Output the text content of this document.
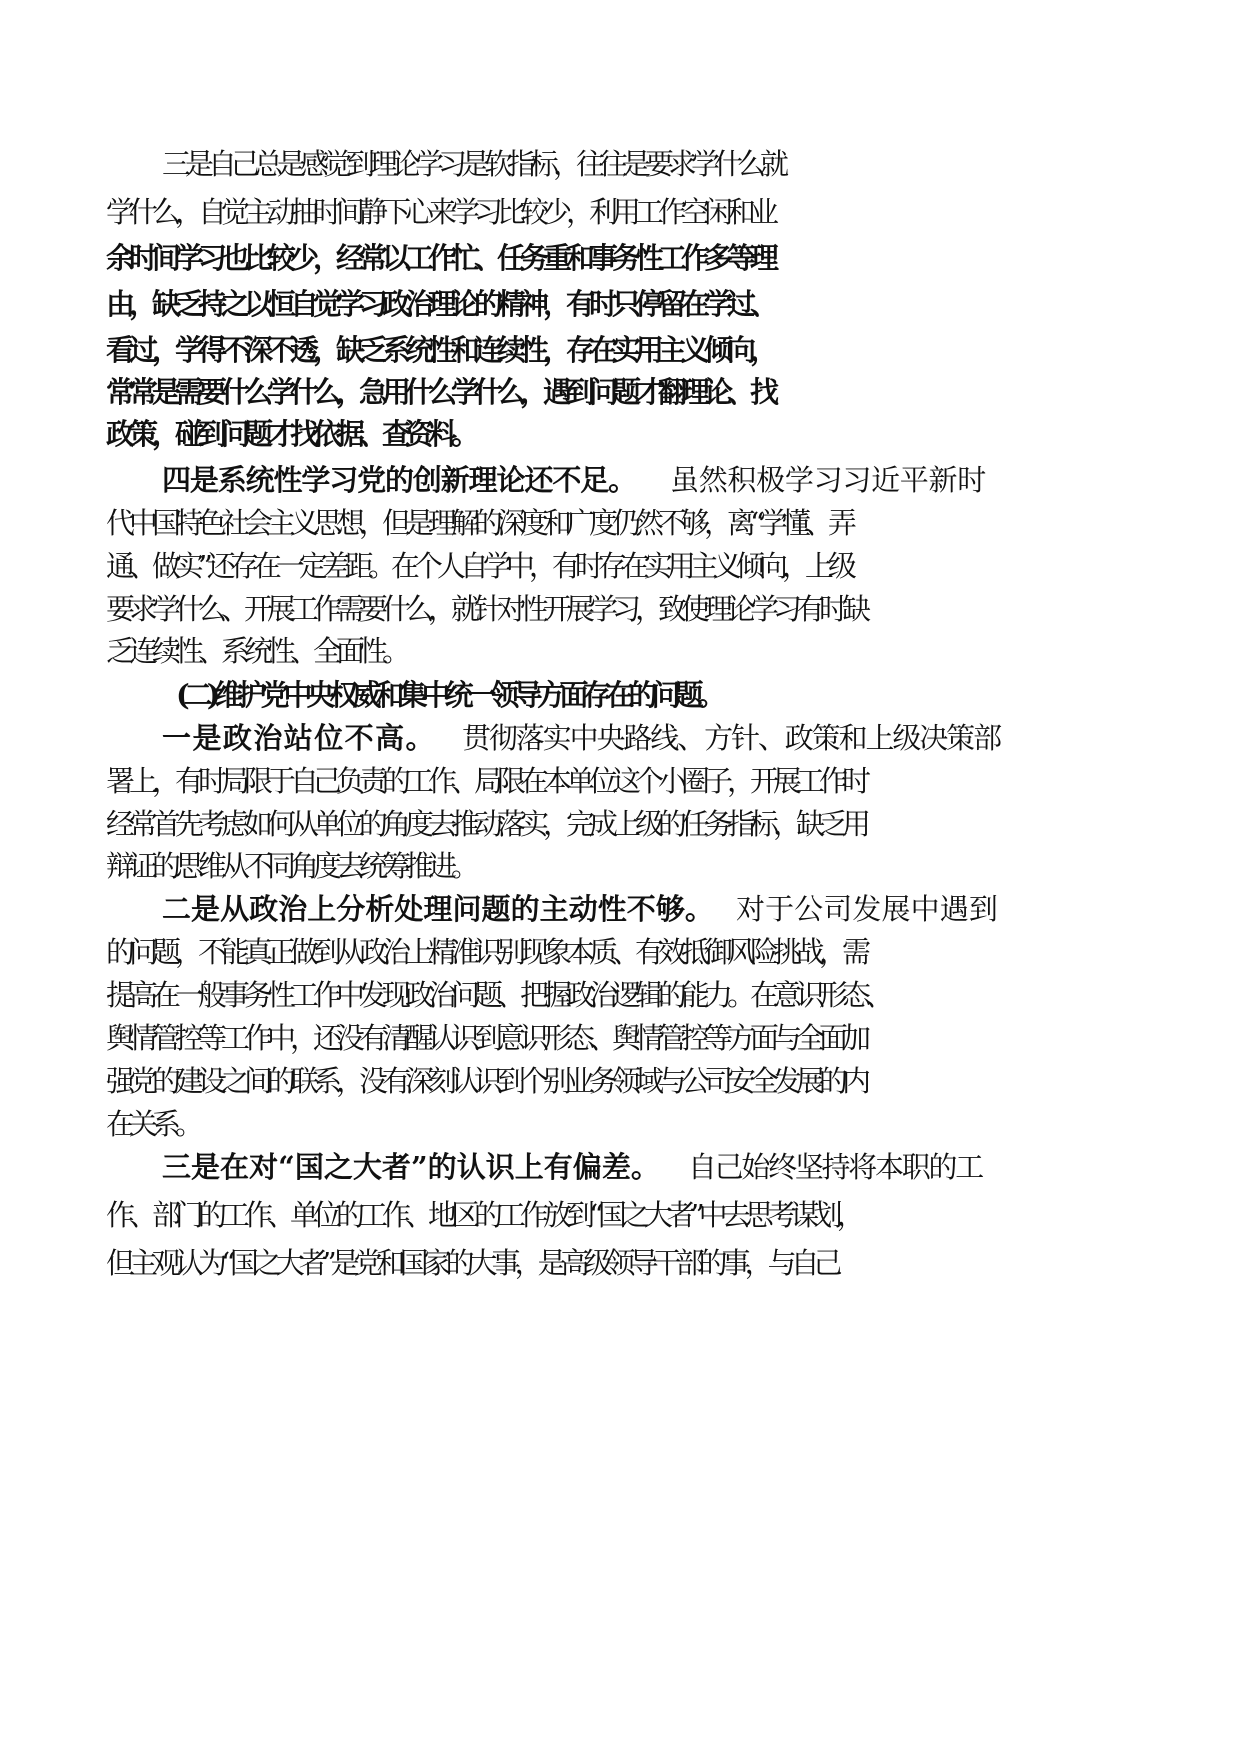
三是自己总是感觉到理论学习是软指标，往往是要求学什么就

学什么，自觉主动抽时间静下心来学习比较少，利用工作空闲和业

余时间学习也比较少，经常以工作忙、任务重和事务性工作多等理

由，缺乏持之以恒自觉学习政治理论的精神，有时只停留在学过、

看过，学得不深不透，缺乏系统性和连续性，存在实用主义倾向，

常常是需要什么学什么，急用什么学什么，遇到问题才翻理论、找

政策，碰到问题才找依据、查资料。

四是系统性学习党的创新理论还不足。 虽然积极学习习近平新时

代中国特色社会主义思想，但是理解的深度和广度仍然不够，离“学懂、弄

通、做实”还存在一定差距。在个人自学中，有时存在实用主义倾向，上级

要求学什么、开展工作需要什么，就针对性开展学习，致使理论学习有时缺

乏连续性、系统性、全面性。

(二)维护党中央权威和集中统一领导方面存在的问题。

一是政治站位不高。 贯彻落实中央路线、方针、政策和上级决策部

署上，有时局限于自己负责的工作、局限在本单位这个小圈子，开展工作时

经常首先考虑如何从单位的角度去推动落实，完成上级的任务指标，缺乏用

辩证的思维从不同角度去统筹推进。

二是从政治上分析处理问题的主动性不够。 对于公司发展中遇到

的问题，不能真正做到从政治上精准识别现象本质、有效抵御风险挑战，需

提高在一般事务性工作中发现政治问题、把握政治逻辑的能力。在意识形态、

舆情管控等工作中，还没有清醒认识到意识形态、舆情管控等方面与全面加

强党的建设之间的联系，没有深刻认识到个别业务领域与公司安全发展的内

在关系。

三是在对“国之大者”的认识上有偏差。 自己始终坚持将本职的工

作、部门的工作、单位的工作、地区的工作放到“国之大者”中去思考谋划，

但主观认为“国之大者”是党和国家的大事，是高级领导干部的事，与自己
